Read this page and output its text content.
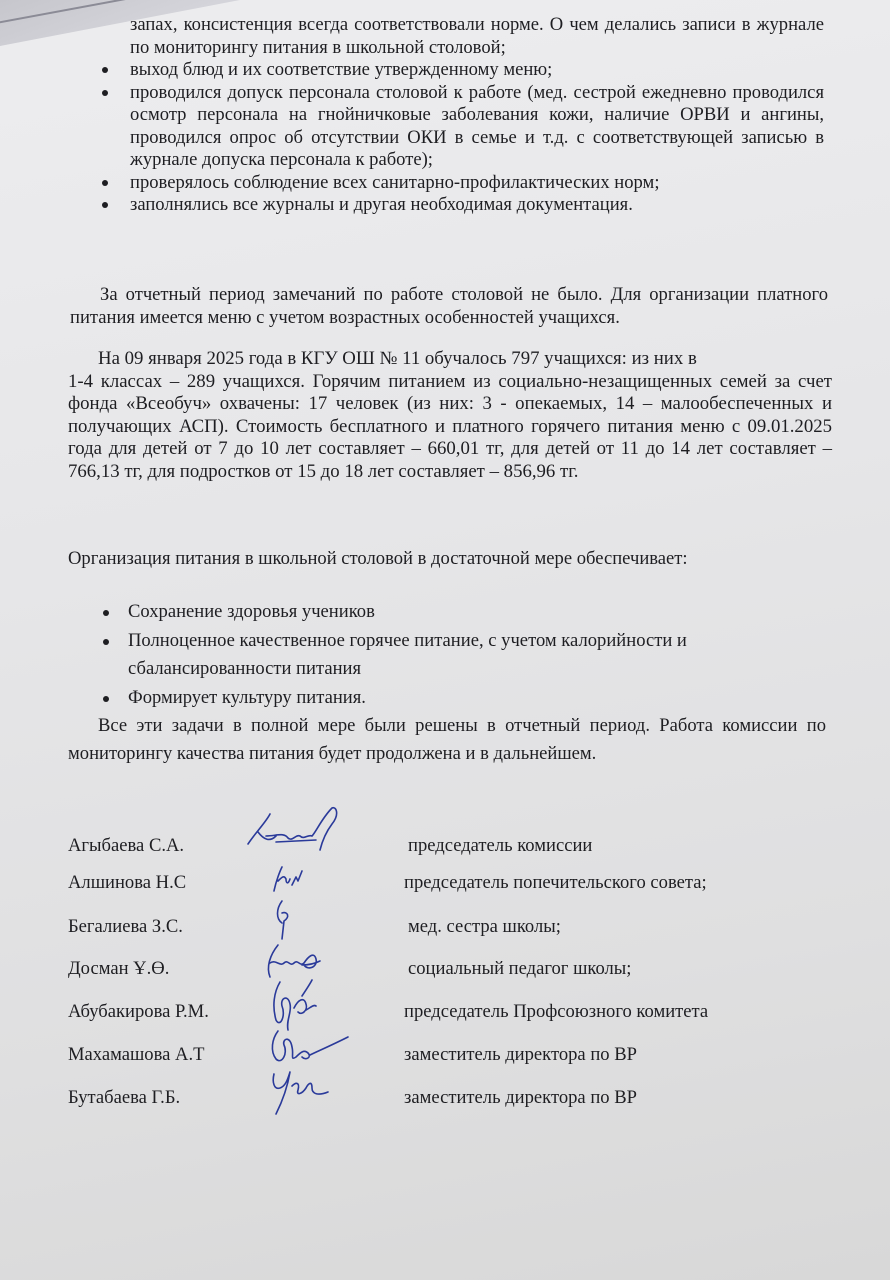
запах, консистенция всегда соответствовали норме. О чем делались записи в журнале по мониторингу питания в школьной столовой;
выход блюд и их соответствие утвержденному меню;
проводился допуск персонала столовой к работе (мед. сестрой ежедневно проводился осмотр персонала на гнойничковые заболевания кожи, наличие ОРВИ и ангины, проводился опрос об отсутствии ОКИ в семье и т.д. с соответствующей записью в журнале допуска персонала к работе);
проверялось соблюдение всех санитарно-профилактических норм;
заполнялись все журналы и другая необходимая документация.

За отчетный период замечаний по работе столовой не было. Для организации платного питания имеется меню с учетом возрастных особенностей учащихся.

На 09 января 2025 года в КГУ ОШ № 11 обучалось 797 учащихся: из них в
1-4 классах – 289 учащихся. Горячим питанием из социально-незащищенных семей за счет фонда «Всеобуч» охвачены: 17 человек (из них: 3 - опекаемых, 14 – малообеспеченных и получающих АСП). Стоимость бесплатного и платного горячего питания меню с 09.01.2025 года для детей от 7 до 10 лет составляет – 660,01 тг, для детей от 11 до 14 лет составляет – 766,13 тг, для подростков от 15 до 18 лет составляет – 856,96 тг.

Организация питания в школьной столовой в достаточной мере обеспечивает:

Сохранение здоровья учеников
Полноценное качественное горячее питание, с учетом калорийности и сбалансированности питания
Формирует культуру питания.

Все эти задачи в полной мере были решены в отчетный период. Работа комиссии по мониторингу качества питания будет продолжена и в дальнейшем.

Агыбаева С.А.	председатель комиссии
Алшинова Н.С	председатель попечительского совета;
Бегалиева З.С.	мед. сестра школы;
Досман Ұ.Ө.	социальный педагог школы;
Абубакирова Р.М.	председатель Профсоюзного комитета
Махамашова А.Т	заместитель директора по ВР
Бутабаева Г.Б.	заместитель директора по ВР
